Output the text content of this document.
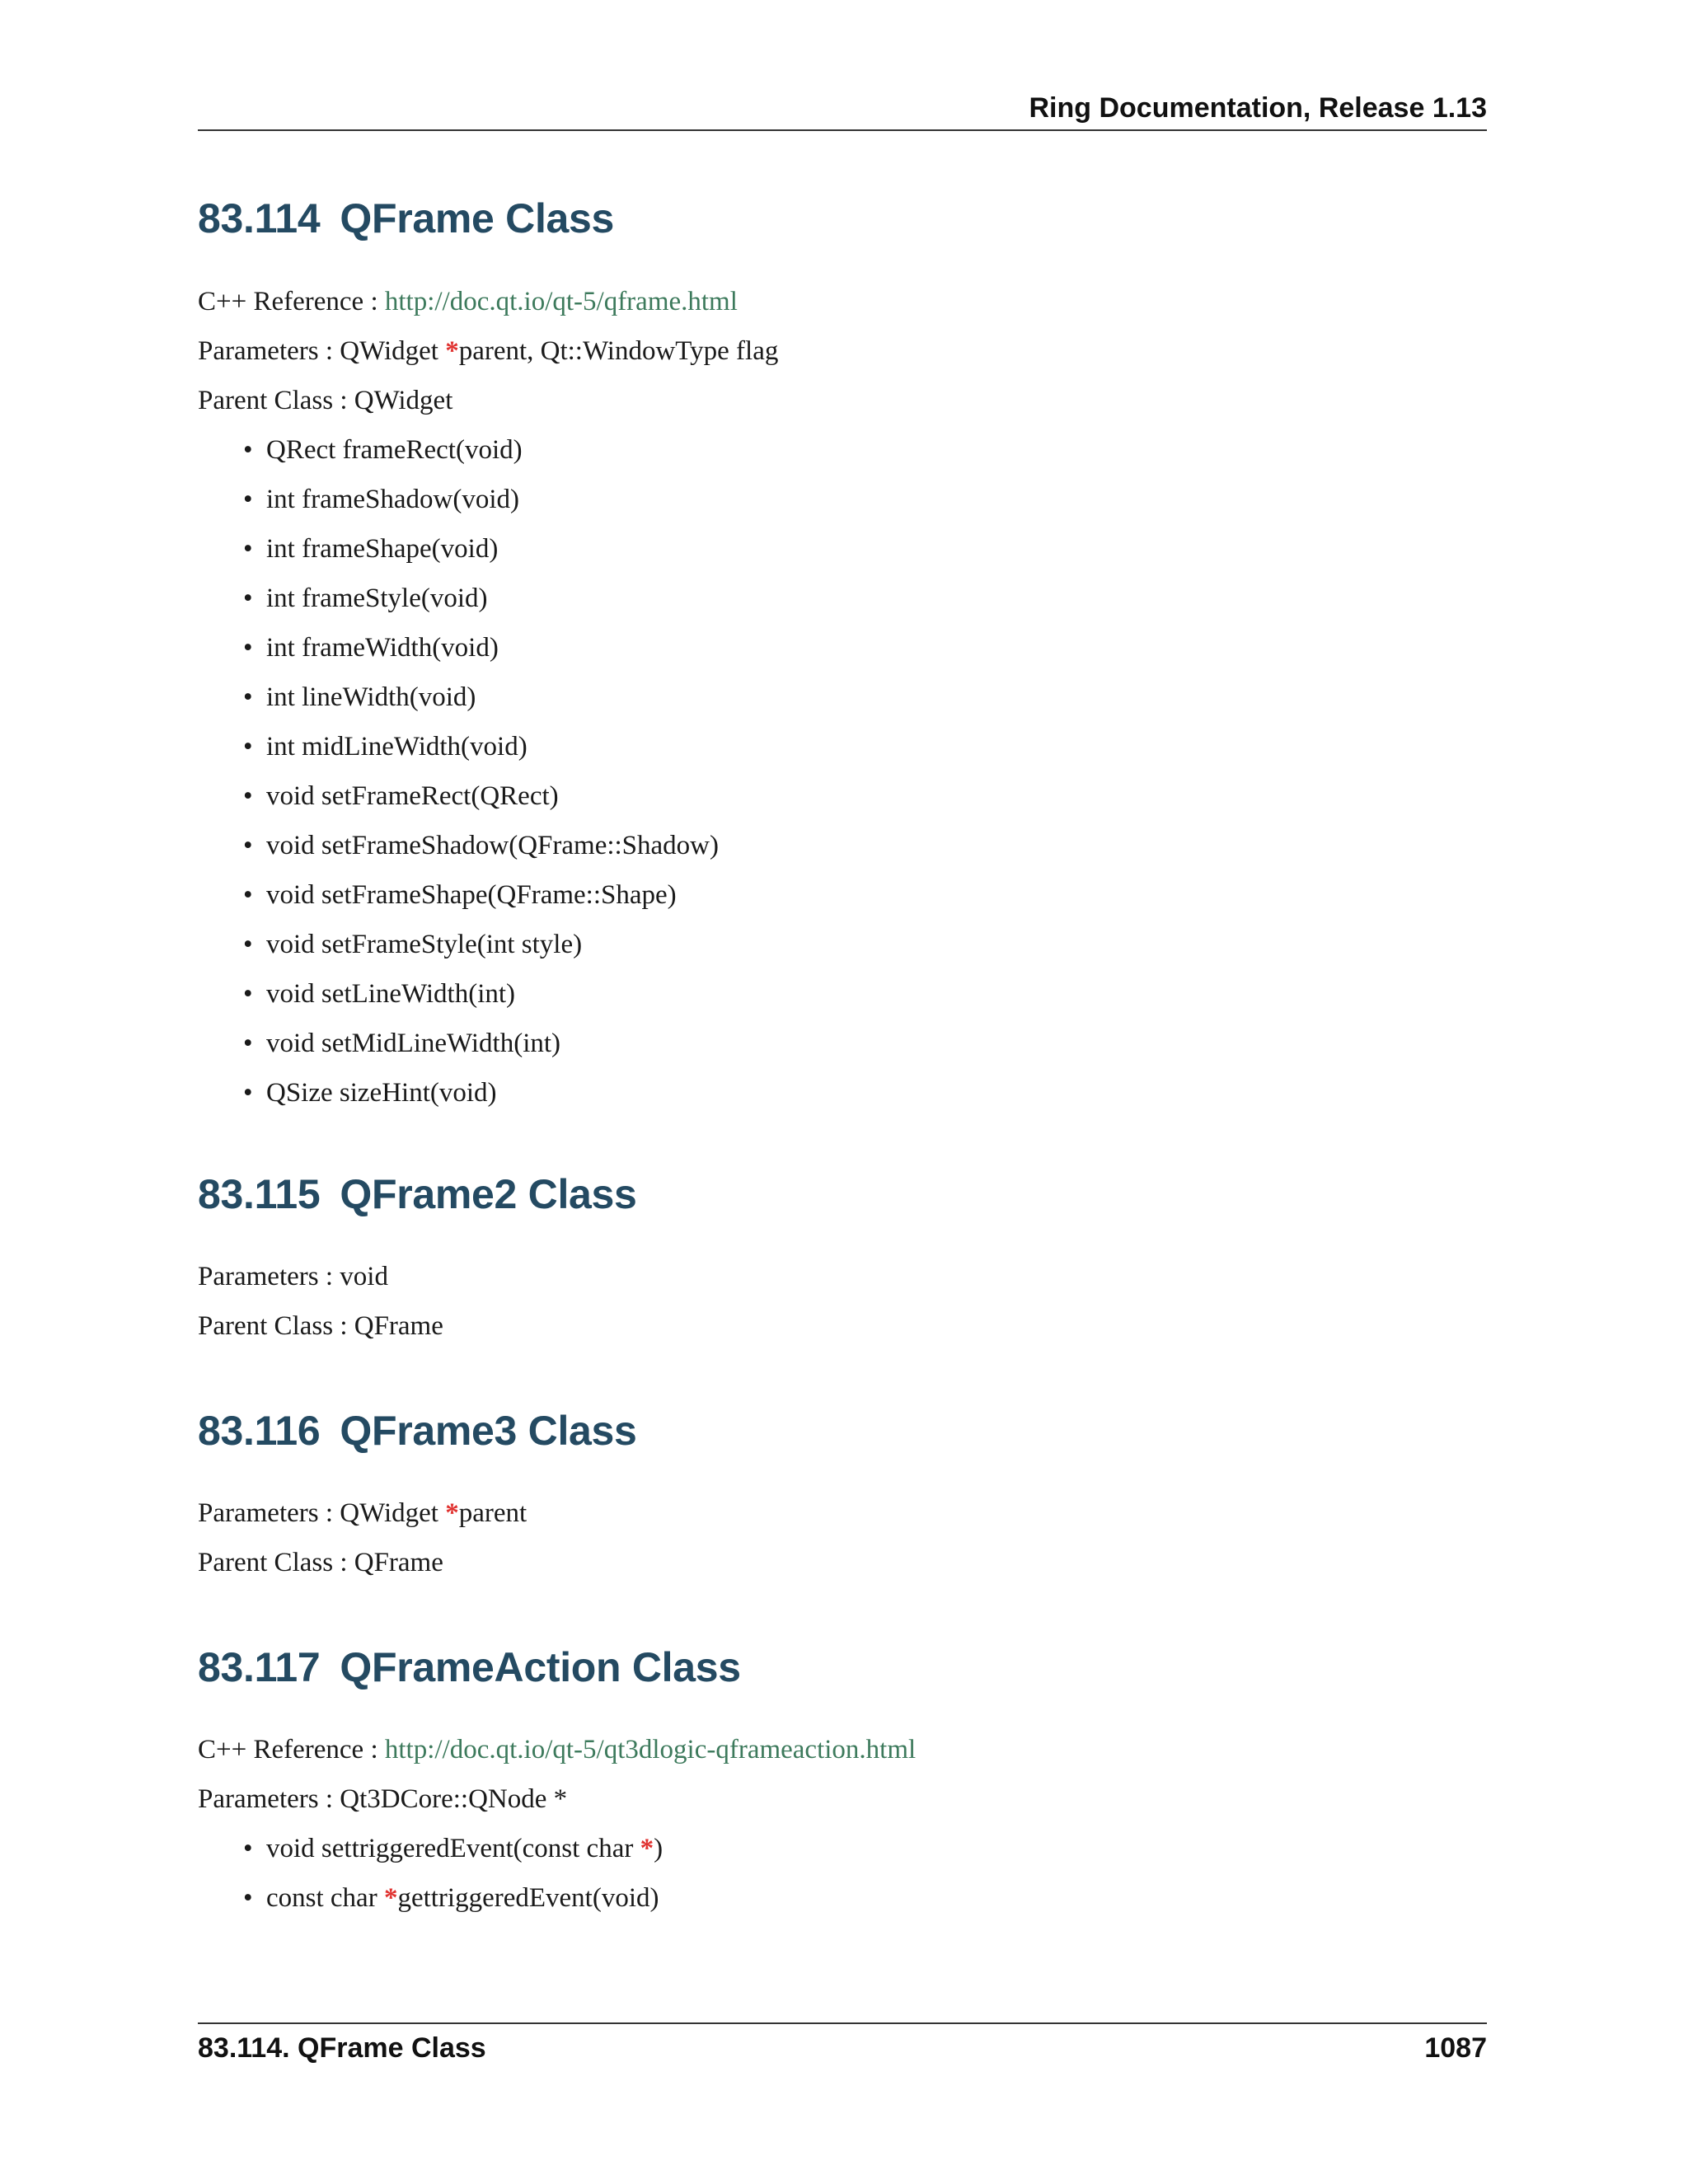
Ring Documentation, Release 1.13
83.114 QFrame Class

C++ Reference : http://doc.qt.io/qt-5/qframe.html

Parameters : QWidget *parent, Qt::WindowType flag

Parent Class : QWidget

• QRect frameRect(void)
• int frameShadow(void)
• int frameShape(void)
• int frameStyle(void)
• int frameWidth(void)
• int lineWidth(void)
• int midLineWidth(void)
• void setFrameRect(QRect)
• void setFrameShadow(QFrame::Shadow)
• void setFrameShape(QFrame::Shape)
• void setFrameStyle(int style)
• void setLineWidth(int)
• void setMidLineWidth(int)
• QSize sizeHint(void)
83.115 QFrame2 Class

Parameters : void

Parent Class : QFrame

83.116 QFrame3 Class

Parameters : QWidget *parent

Parent Class : QFrame

83.117 QFrameAction Class

C++ Reference : http://doc.qt.io/qt-5/qt3dlogic-qframeaction.html

Parameters : Qt3DCore::QNode *

• void settriggeredEvent(const char *)
• const char *gettriggeredEvent(void)
83.114. QFrame Class	1087
